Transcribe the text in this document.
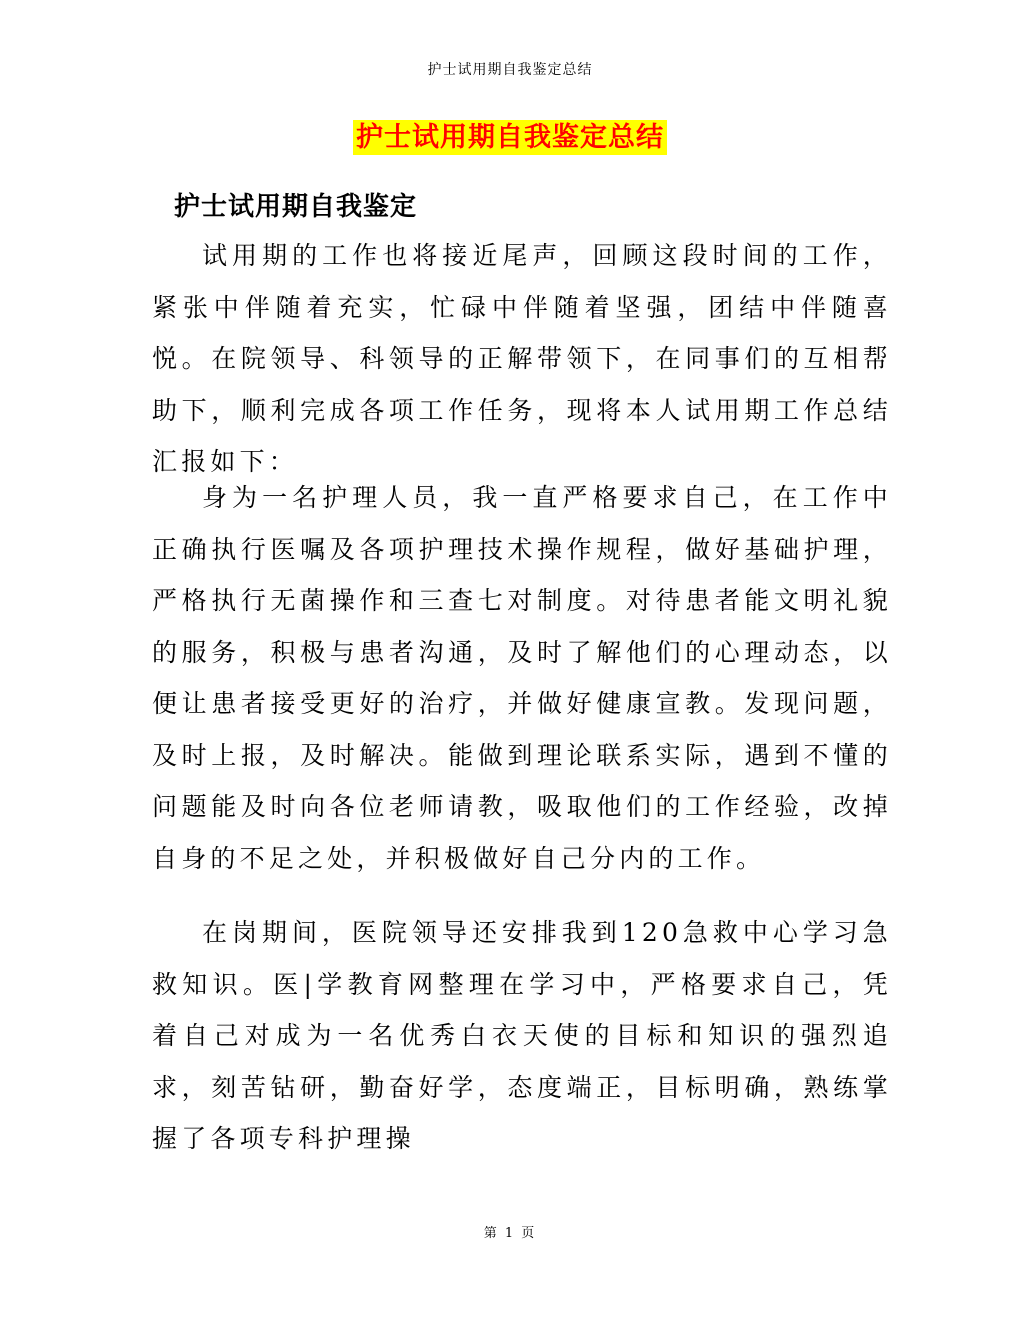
护士试用期自我鉴定总结
护士试用期自我鉴定总结
护士试用期自我鉴定

试用期的工作也将接近尾声，回顾这段时间的工作，紧张中伴随着充实，忙碌中伴随着坚强，团结中伴随喜悦。在院领导、科领导的正解带领下，在同事们的互相帮助下，顺利完成各项工作任务，现将本人试用期工作总结汇报如下：

身为一名护理人员，我一直严格要求自己，在工作中正确执行医嘱及各项护理技术操作规程，做好基础护理，严格执行无菌操作和三查七对制度。对待患者能文明礼貌的服务，积极与患者沟通，及时了解他们的心理动态，以便让患者接受更好的治疗，并做好健康宣教。发现问题，及时上报，及时解决。能做到理论联系实际，遇到不懂的问题能及时向各位老师请教，吸取他们的工作经验，改掉自身的不足之处，并积极做好自己分内的工作。

在岗期间，医院领导还安排我到120急救中心学习急救知识。医|学教育网整理在学习中，严格要求自己，凭着自己对成为一名优秀白衣天使的目标和知识的强烈追求，刻苦钻研，勤奋好学，态度端正，目标明确，熟练掌握了各项专科护理操

第 1 页
